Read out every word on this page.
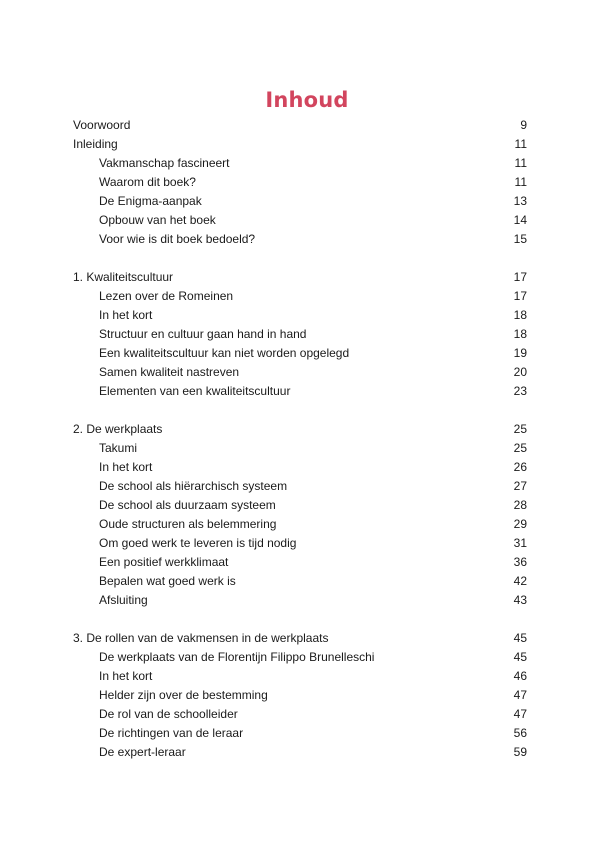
Inhoud
Voorwoord	9
Inleiding	11
Vakmanschap fascineert	11
Waarom dit boek?	11
De Enigma-aanpak	13
Opbouw van het boek	14
Voor wie is dit boek bedoeld?	15
1. Kwaliteitscultuur	17
Lezen over de Romeinen	17
In het kort	18
Structuur en cultuur gaan hand in hand	18
Een kwaliteitscultuur kan niet worden opgelegd	19
Samen kwaliteit nastreven	20
Elementen van een kwaliteitscultuur	23
2. De werkplaats	25
Takumi	25
In het kort	26
De school als hiërarchisch systeem	27
De school als duurzaam systeem	28
Oude structuren als belemmering	29
Om goed werk te leveren is tijd nodig	31
Een positief werkklimaat	36
Bepalen wat goed werk is	42
Afsluiting	43
3. De rollen van de vakmensen in de werkplaats	45
De werkplaats van de Florentijn Filippo Brunelleschi	45
In het kort	46
Helder zijn over de bestemming	47
De rol van de schoolleider	47
De richtingen van de leraar	56
De expert-leraar	59
